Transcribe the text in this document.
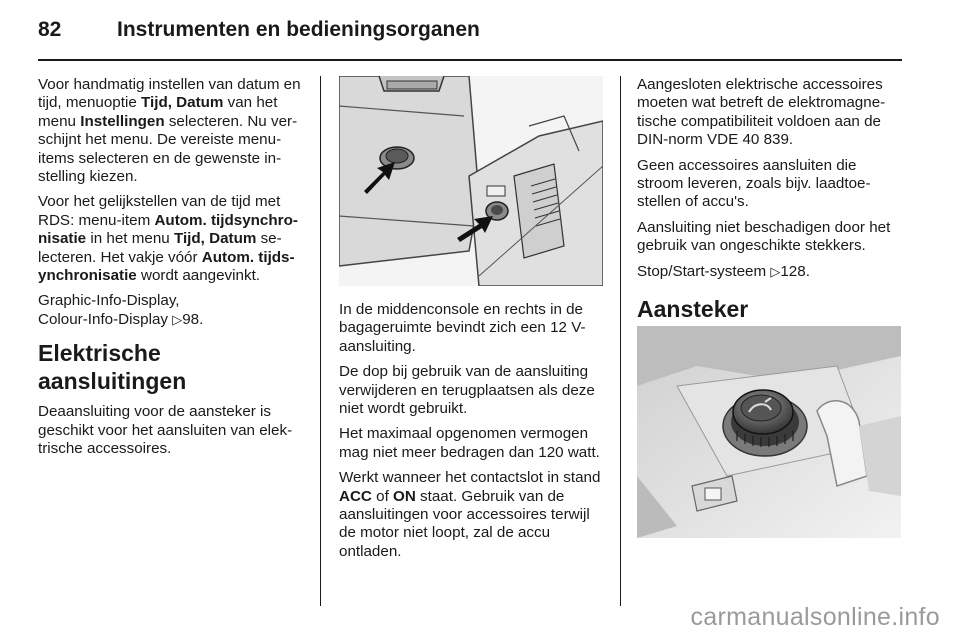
82	Instrumenten en bedieningsorganen

Voor handmatig instellen van datum en tijd, menuoptie Tijd, Datum van het menu Instellingen selecteren. Nu verschijnt het menu. De vereiste menuitems selecteren en de gewenste instelling kiezen.

Voor het gelijkstellen van de tijd met RDS: menu-item Autom. tijdsynchronisatie in het menu Tijd, Datum selecteren. Het vakje vóór Autom. tijdsynchronisatie wordt aangevinkt.

Graphic-Info-Display,
Colour-Info-Display ▷98.

Elektrische aansluitingen

Deaansluiting voor de aansteker is geschikt voor het aansluiten van elektrische accessoires.

In de middenconsole en rechts in de bagageruimte bevindt zich een 12 V-aansluiting.

De dop bij gebruik van de aansluiting verwijderen en terugplaatsen als deze niet wordt gebruikt.

Het maximaal opgenomen vermogen mag niet meer bedragen dan 120 watt.

Werkt wanneer het contactslot in stand ACC of ON staat. Gebruik van de aansluitingen voor accessoires terwijl de motor niet loopt, zal de accu ontladen.

Aangesloten elektrische accessoires moeten wat betreft de elektromagnetische compatibiliteit voldoen aan de DIN-norm VDE 40 839.

Geen accessoires aansluiten die stroom leveren, zoals bijv. laadtoestellen of accu's.

Aansluiting niet beschadigen door het gebruik van ongeschikte stekkers.

Stop/Start-systeem ▷128.

Aansteker
carmanualsonline.info
